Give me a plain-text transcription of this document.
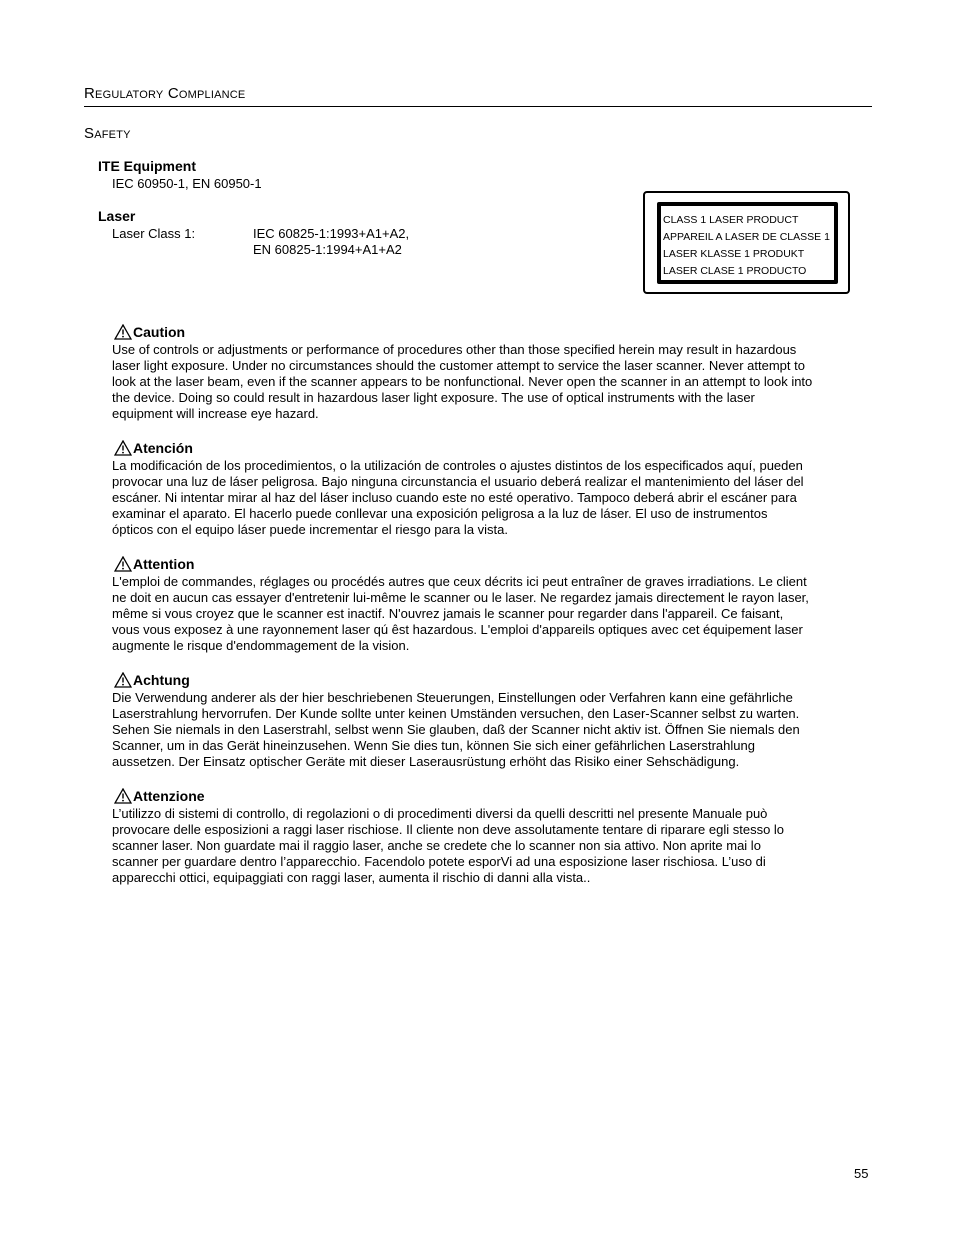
Regulatory Compliance
Safety
ITE Equipment
IEC 60950-1, EN 60950-1
Laser
Laser Class 1:	IEC 60825-1:1993+A1+A2,
EN 60825-1:1994+A1+A2
CLASS 1 LASER PRODUCT
APPAREIL A LASER DE CLASSE 1
LASER KLASSE 1 PRODUKT
LASER CLASE 1 PRODUCTO
Caution
Use of controls or adjustments or performance of procedures other than those specified herein may result in hazardous
laser light exposure. Under no circumstances should the customer attempt to service the laser scanner. Never attempt to
look at the laser beam, even if the scanner appears to be nonfunctional. Never open the scanner in an attempt to look into
the device. Doing so could result in hazardous laser light exposure. The use of optical instruments with the laser
equipment will increase eye hazard.
Atención
La modificación de los procedimientos, o la utilización de controles o ajustes distintos de los especificados aquí, pueden
provocar una luz de láser peligrosa. Bajo ninguna circunstancia el usuario deberá realizar el mantenimiento del láser del
escáner. Ni intentar mirar al haz del láser incluso cuando este no esté operativo. Tampoco deberá abrir el escáner para
examinar el aparato. El hacerlo puede conllevar una exposición peligrosa a la luz de láser. El uso de instrumentos
ópticos con el equipo láser puede incrementar el riesgo para la vista.
Attention
L'emploi de commandes, réglages ou procédés autres que ceux décrits ici peut entraîner de graves irradiations. Le client
ne doit en aucun cas essayer d'entretenir lui-même le scanner ou le laser. Ne regardez jamais directement le rayon laser,
même si vous croyez que le scanner est inactif. N'ouvrez jamais le scanner pour regarder dans l'appareil. Ce faisant,
vous vous exposez à une rayonnement laser qú êst hazardous. L'emploi d'appareils optiques avec cet équipement laser
augmente le risque d'endommagement de la vision.
Achtung
Die Verwendung anderer als der hier beschriebenen Steuerungen, Einstellungen oder Verfahren kann eine gefährliche
Laserstrahlung hervorrufen. Der Kunde sollte unter keinen Umständen versuchen, den Laser-Scanner selbst zu warten.
Sehen Sie niemals in den Laserstrahl, selbst wenn Sie glauben, daß der Scanner nicht aktiv ist. Öffnen Sie niemals den
Scanner, um in das Gerät hineinzusehen. Wenn Sie dies tun, können Sie sich einer gefährlichen Laserstrahlung
aussetzen. Der Einsatz optischer Geräte mit dieser Laserausrüstung erhöht das Risiko einer Sehschädigung.
Attenzione
L’utilizzo di sistemi di controllo, di regolazioni o di procedimenti diversi da quelli descritti nel presente Manuale può
provocare delle esposizioni a raggi laser rischiose. Il cliente non deve assolutamente tentare di riparare egli stesso lo
scanner laser. Non guardate mai il raggio laser, anche se credete che lo scanner non sia attivo. Non aprite mai lo
scanner per guardare dentro l’apparecchio. Facendolo potete esporVi ad una esposizione laser rischiosa. L’uso di
apparecchi ottici, equipaggiati con raggi laser, aumenta il rischio di danni alla vista..
55
